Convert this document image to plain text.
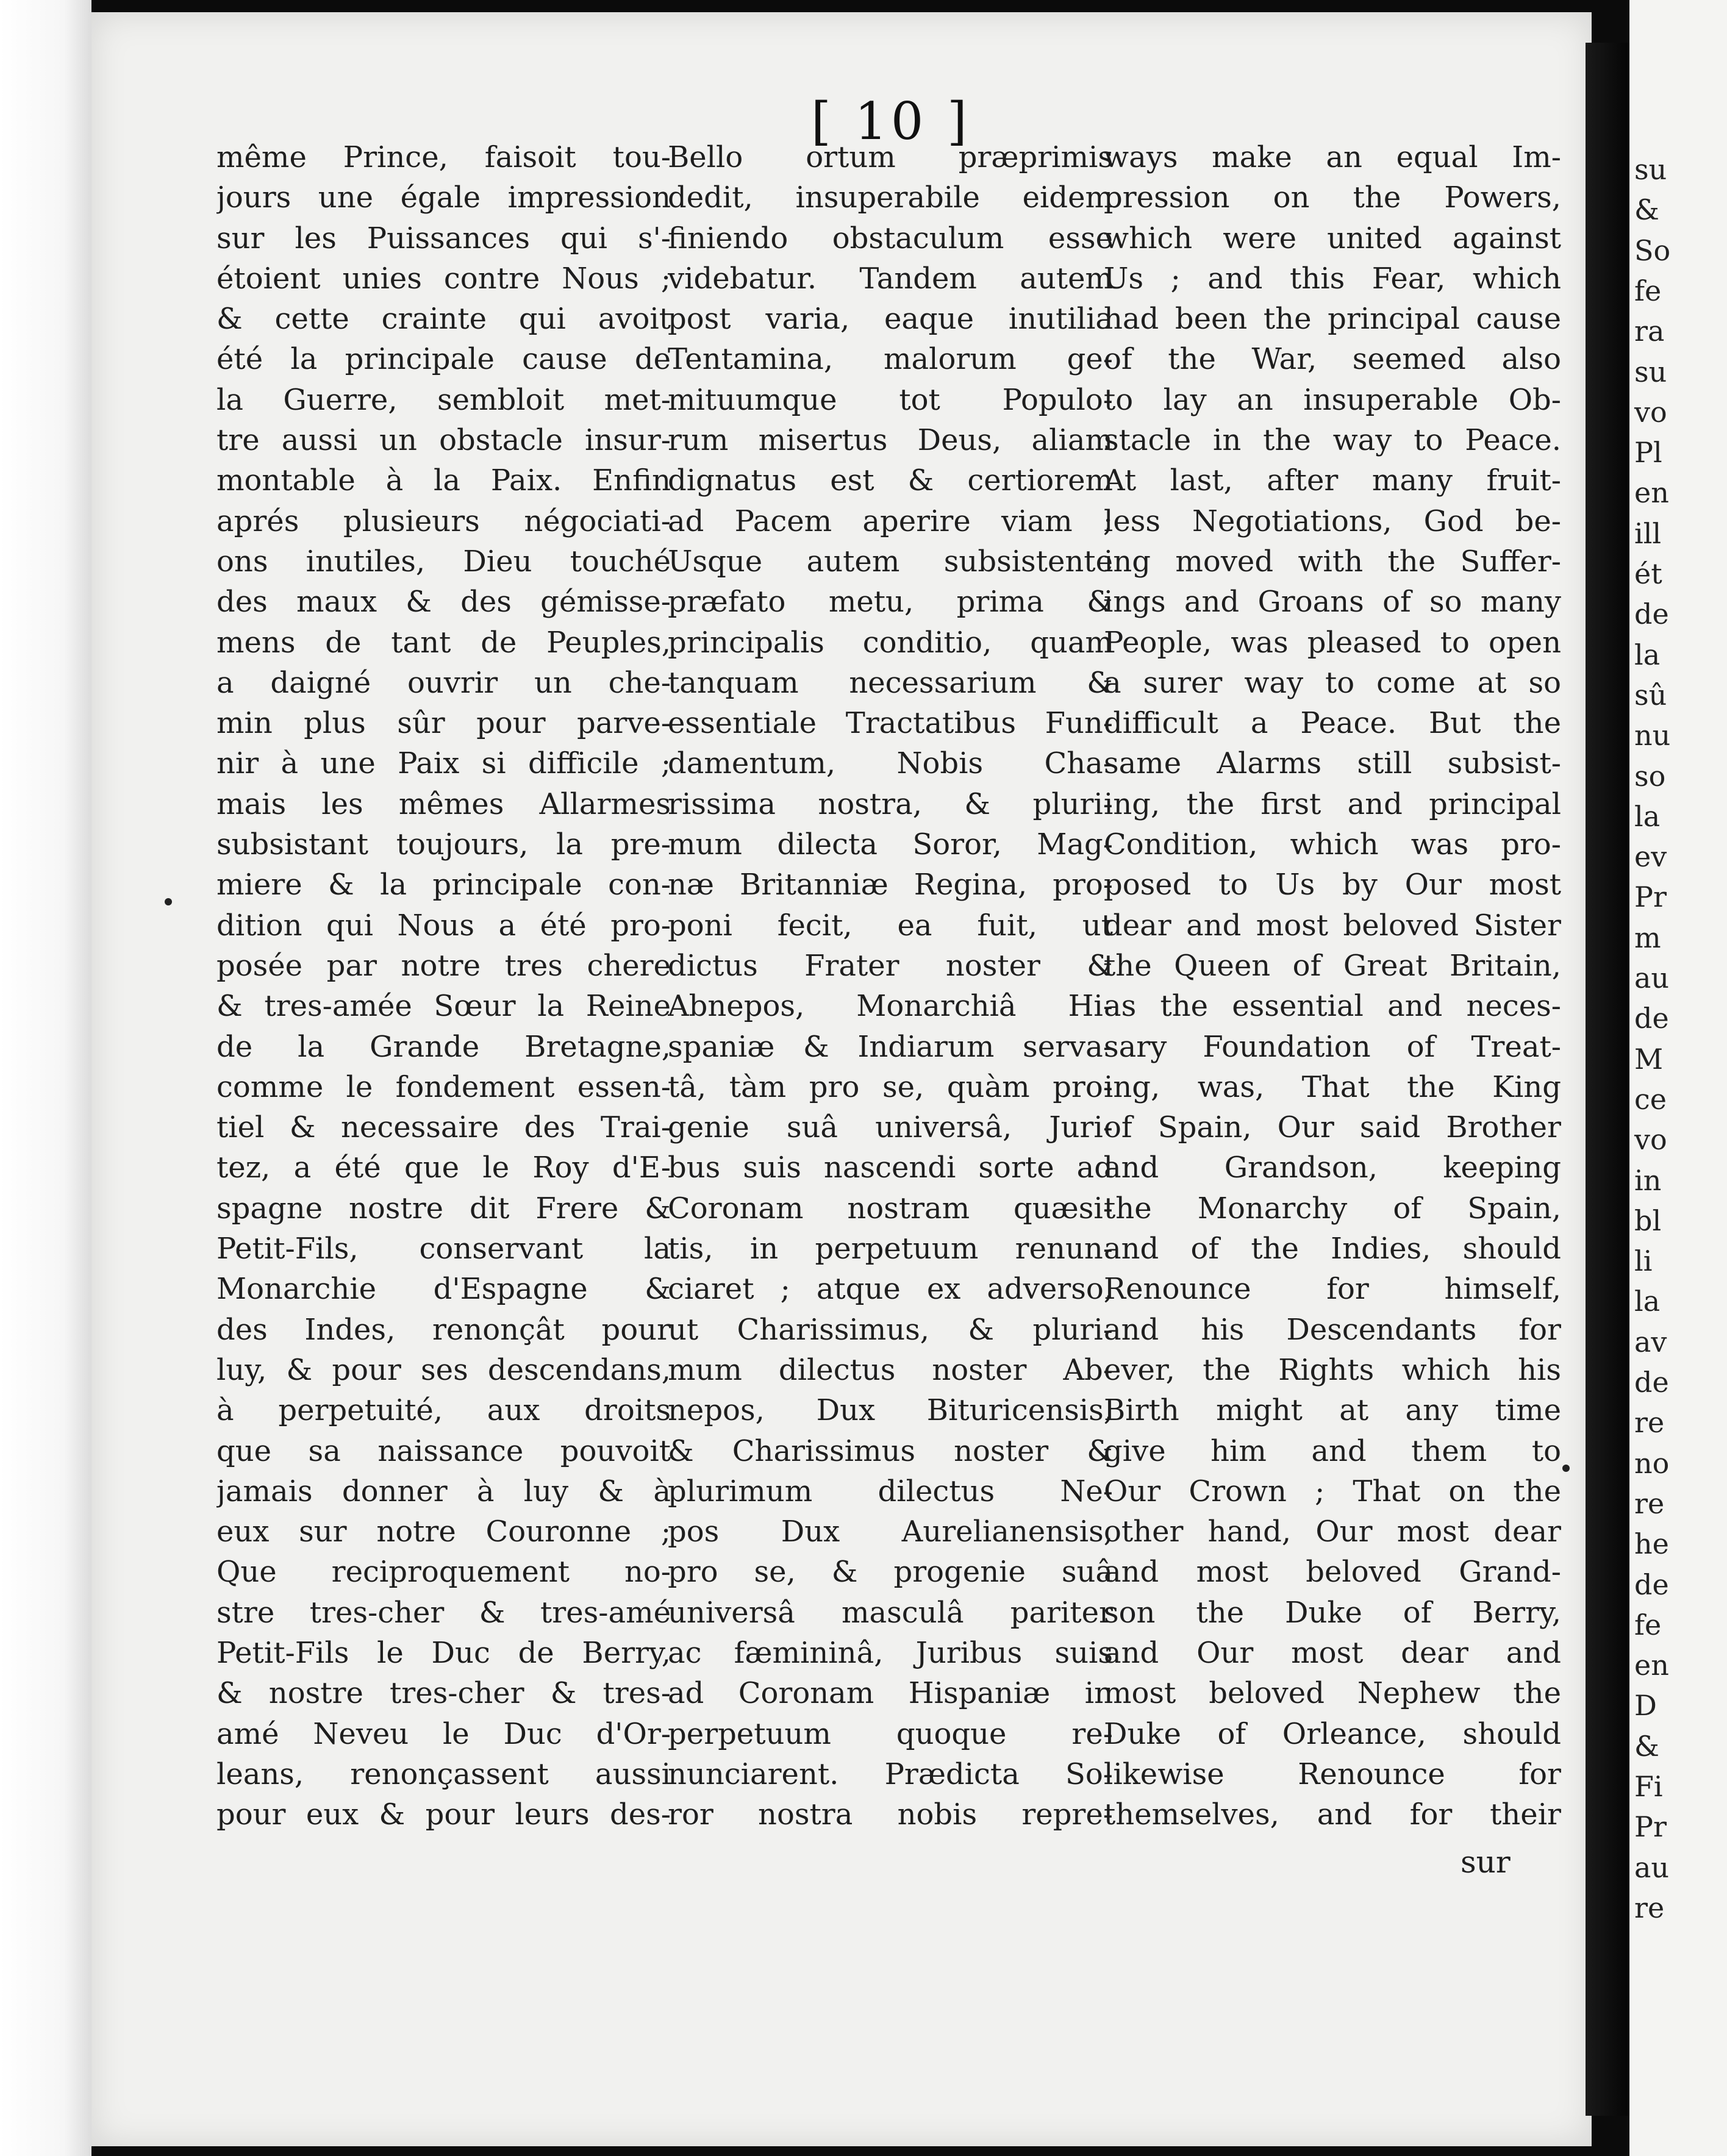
[ 10 ]
même Prince, faisoit tou-
jours une égale impression
sur les Puissances qui s'-
étoient unies contre Nous ;
& cette crainte qui avoit
été la principale cause de
la Guerre, sembloit met-
tre aussi un obstacle insur-
montable à la Paix. Enfin
aprés plusieurs négociati-
ons inutiles, Dieu touché
des maux & des gémisse-
mens de tant de Peuples,
a daigné ouvrir un che-
min plus sûr pour parve-
nir à une Paix si difficile ;
mais les mêmes Allarmes
subsistant toujours, la pre-
miere & la principale con-
dition qui Nous a été pro-
posée par notre tres chere
& tres-amée Sœur la Reine
de la Grande Bretagne,
comme le fondement essen-
tiel & necessaire des Trai-
tez, a été que le Roy d'E-
spagne nostre dit Frere &
Petit-Fils, conservant la
Monarchie d'Espagne &
des Indes, renonçât pour
luy, & pour ses descendans,
à perpetuité, aux droits
que sa naissance pouvoit
jamais donner à luy & à
eux sur notre Couronne ;
Que reciproquement no-
stre tres-cher & tres-amé
Petit-Fils le Duc de Berry,
& nostre tres-cher & tres-
amé Neveu le Duc d'Or-
leans, renonçassent aussi
pour eux & pour leurs des-
Bello ortum præprimis
dedit, insuperabile eidem
finiendo obstaculum esse
videbatur. Tandem autem
post varia, eaque inutilia
Tentamina, malorum ge-
mituumque tot Populo-
rum misertus Deus, aliam
dignatus est & certiorem
ad Pacem aperire viam ;
Usque autem subsistente
præfato metu, prima &
principalis conditio, quam
tanquam necessarium &
essentiale Tractatibus Fun-
damentum, Nobis Cha-
rissima nostra, & pluri-
mum dilecta Soror, Mag-
næ Britanniæ Regina, pro-
poni fecit, ea fuit, ut
dictus Frater noster &
Abnepos, Monarchiâ Hi-
spaniæ & Indiarum serva-
tâ, tàm pro se, quàm pro-
genie suâ universâ, Juri-
bus suis nascendi sorte ad
Coronam nostram quæsi-
tis, in perpetuum renun-
ciaret ; atque ex adverso,
ut Charissimus, & pluri-
mum dilectus noster Ab-
nepos, Dux Bituricensis,
& Charissimus noster &
plurimum dilectus Ne-
pos Dux Aurelianensis,
pro se, & progenie suâ
universâ masculâ pariter
ac fæmininâ, Juribus suis
ad Coronam Hispaniæ in
perpetuum quoque re-
nunciarent. Prædicta So-
ror nostra nobis repre-
ways make an equal Im-
pression on the Powers,
which were united against
Us ; and this Fear, which
had been the principal cause
of the War, seemed also
to lay an insuperable Ob-
stacle in the way to Peace.
At last, after many fruit-
less Negotiations, God be-
ing moved with the Suffer-
ings and Groans of so many
People, was pleased to open
a surer way to come at so
difficult a Peace. But the
same Alarms still subsist-
ing, the first and principal
Condition, which was pro-
posed to Us by Our most
dear and most beloved Sister
the Queen of Great Britain,
as the essential and neces-
sary Foundation of Treat-
ing, was, That the King
of Spain, Our said Brother
and Grandson, keeping
the Monarchy of Spain,
and of the Indies, should
Renounce for himself,
and his Descendants for
ever, the Rights which his
Birth might at any time
give him and them to
Our Crown ; That on the
other hand, Our most dear
and most beloved Grand-
son the Duke of Berry,
and Our most dear and
most beloved Nephew the
Duke of Orleance, should
likewise Renounce for
themselves, and for their
sur
su
&
So
fe
ra
su
vo
Pl
en
ill
ét
de
la
sû
nu
so
la
ev
Pr
m
au
de
M
ce
vo
in
bl
li
la
av
de
re
no
re
he
de
fe
en
D
&
Fi
Pr
au
re
